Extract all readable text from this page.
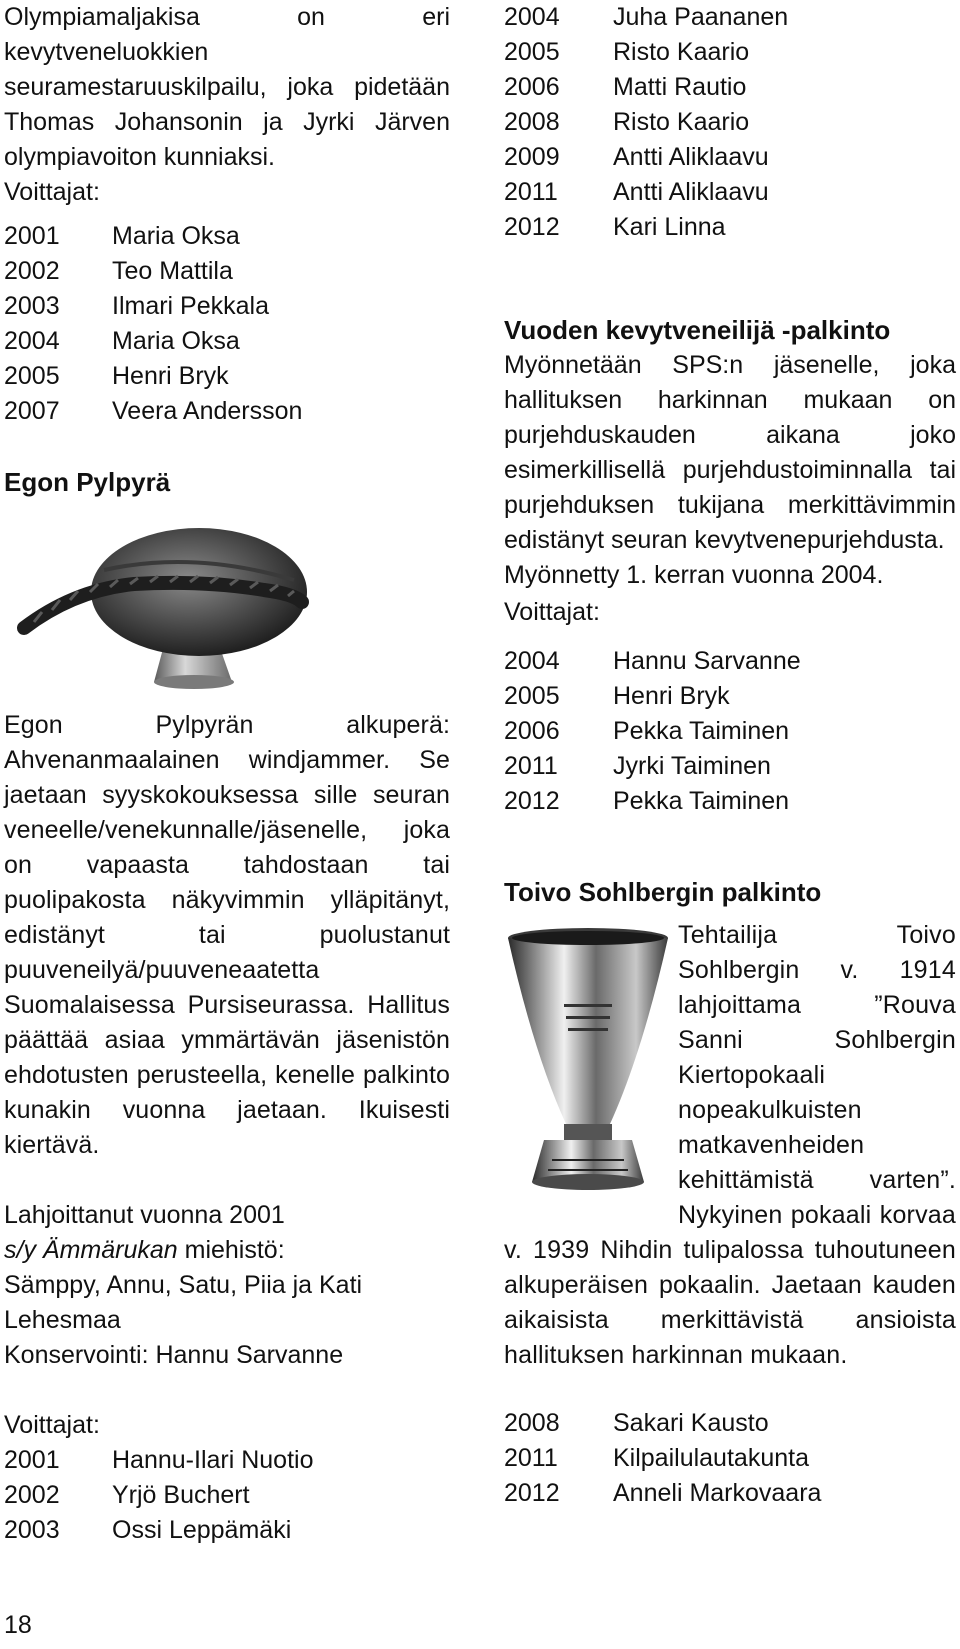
Olympiamaljakisa on eri kevytveneluokkien seuramestaruuskilpailu, joka pidetään Thomas Johansonin ja Jyrki Järven olympiavoiton kunniaksi.

Voittajat:

2001	Maria Oksa
2002	Teo Mattila
2003	Ilmari Pekkala
2004	Maria Oksa
2005	Henri Bryk
2007	Veera Andersson
Egon Pylpyrä

Egon Pylpyrän alkuperä: Ahvenanmaalainen windjammer. Se jaetaan syyskokouksessa sille seuran veneelle/venekunnalle/jäsenelle, joka on vapaasta tahdostaan tai puolipakosta näkyvimmin ylläpitänyt, edistänyt tai puolustanut puuveneilyä/puuveneaatetta Suomalaisessa Pursiseurassa. Hallitus päättää asiaa ymmärtävän jäsenistön ehdotusten perusteella, kenelle palkinto kunakin vuonna jaetaan. Ikuisesti kiertävä.

Lahjoittanut vuonna 2001

s/y Ämmärukan miehistö:

Sämppy, Annu, Satu, Piia ja Kati Lehesmaa

Konservointi: Hannu Sarvanne

Voittajat:

2001	Hannu-Ilari Nuotio
2002	Yrjö Buchert
2003	Ossi Leppämäki
2004	Juha Paananen
2005	Risto Kaario
2006	Matti Rautio
2008	Risto Kaario
2009	Antti Aliklaavu
2011	Antti Aliklaavu
2012	Kari Linna
Vuoden kevytveneilijä -palkinto

Myönnetään SPS:n jäsenelle, joka hallituksen harkinnan mukaan on purjehduskauden aikana joko esimerkillisellä purjehdustoiminnalla tai purjehduksen tukijana merkittävimmin edistänyt seuran kevytvenepurjehdusta.

Myönnetty 1. kerran vuonna 2004.

Voittajat:

2004	Hannu Sarvanne
2005	Henri Bryk
2006	Pekka Taiminen
2011	Jyrki Taiminen
2012	Pekka Taiminen
Toivo Sohlbergin palkinto

Tehtailija Toivo Sohlbergin v. 1914 lahjoittama ”Rouva Sanni Sohlbergin Kiertopokaali nopeakulkuisten matkavenheiden kehittämistä varten”. Nykyinen pokaali korvaa v. 1939 Nihdin tulipalossa tuhoutuneen alkuperäisen pokaalin. Jaetaan kauden aikaisista merkittävistä ansioista hallituksen harkinnan mukaan.

2008	Sakari Kausto
2011	Kilpailulautakunta
2012	Anneli Markovaara
18
